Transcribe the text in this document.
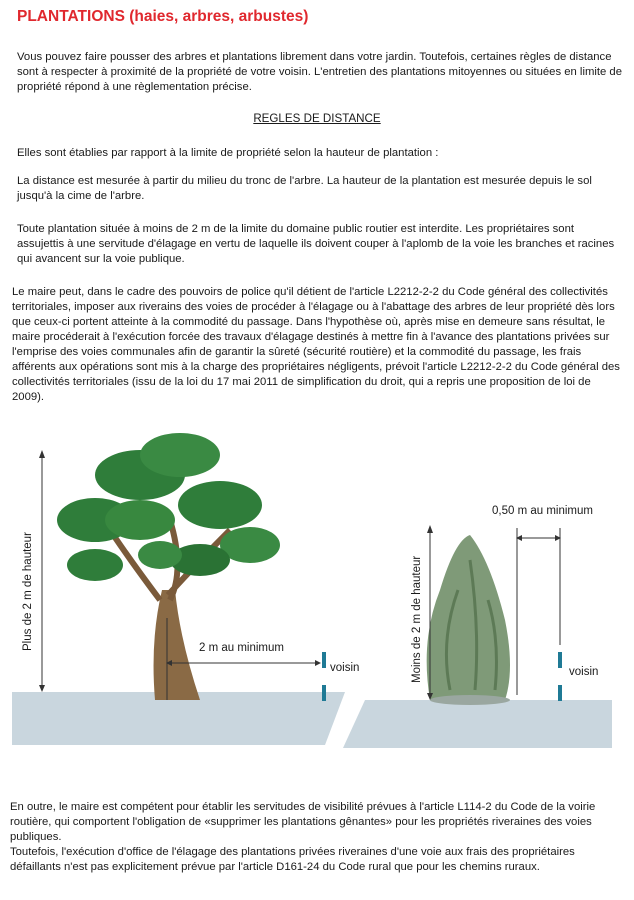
PLANTATIONS (haies, arbres, arbustes)

Vous pouvez faire pousser des arbres et plantations librement dans votre jardin. Toutefois, certaines règles de distance sont à respecter à proximité de la propriété de votre voisin. L'entretien des plantations mitoyennes ou situées en limite de propriété répond à une règlementation précise.

REGLES DE DISTANCE

Elles sont établies par rapport à la limite de propriété selon la hauteur de plantation :

La distance est mesurée à partir du milieu du tronc de l'arbre. La hauteur de la plantation est mesurée depuis le sol jusqu'à la cime de l'arbre.

Toute plantation située à moins de 2 m de la limite du domaine public routier est interdite. Les propriétaires sont assujettis à une servitude d'élagage en vertu de laquelle ils doivent couper à l'aplomb de la voie les branches et racines qui avancent sur la voie publique.

Le maire peut, dans le cadre des pouvoirs de police qu'il détient de l'article L2212-2-2 du Code général des collectivités territoriales, imposer aux riverains des voies de procéder à l'élagage ou à l'abattage des arbres de leur propriété dès lors que ceux-ci portent atteinte à la commodité du passage. Dans l'hypothèse où, après mise en demeure sans résultat, le maire procéderait à l'exécution forcée des travaux d'élagage destinés à mettre fin à l'avance des plantations privées sur l'emprise des voies communales afin de garantir la sûreté (sécurité routière) et la commodité du passage, les frais afférents aux opérations sont mis à la charge des propriétaires négligents, prévoit l'article L2212-2-2 du Code général des collectivités territoriales (issu de la loi du 17 mai 2011 de simplification du droit, qui a repris une proposition de loi de 2009).

Plus de 2 m de hauteur	2 m au minimum
voisin	Moins de 2 m de hauteur
0,50 m au minimum
voisin

En outre, le maire est compétent pour établir les servitudes de visibilité prévues à l'article L114-2 du Code de la voirie routière, qui comportent l'obligation de «supprimer les plantations gênantes» pour les propriétés riveraines des voies publiques.

Toutefois, l'exécution d'office de l'élagage des plantations privées riveraines d'une voie aux frais des propriétaires défaillants n'est pas explicitement prévue par l'article D161-24 du Code rural que pour les chemins ruraux.
